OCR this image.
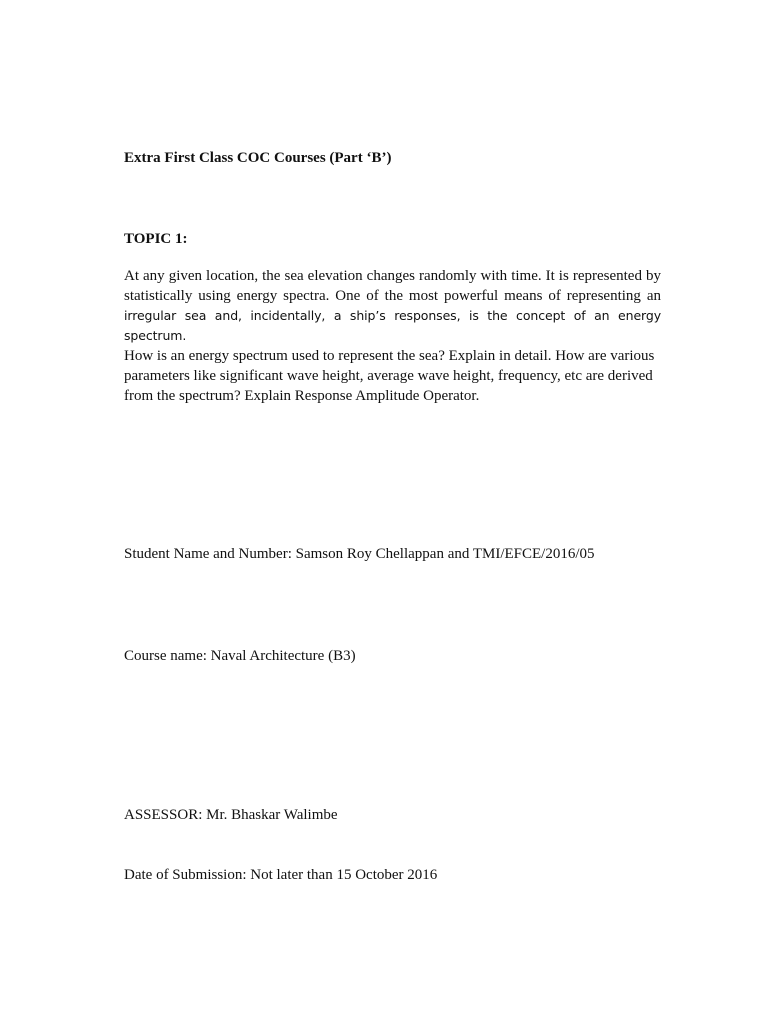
Extra First Class COC Courses (Part ‘B’)

TOPIC 1:

At any given location, the sea elevation changes randomly with time. It is represented by statistically using energy spectra. One of the most powerful means of representing an irregular sea and, incidentally, a ship’s responses, is the concept of an energy spectrum.

How is an energy spectrum used to represent the sea? Explain in detail. How are various parameters like significant wave height, average wave height, frequency, etc are derived from the spectrum? Explain Response Amplitude Operator.

Student Name and Number: Samson Roy Chellappan and TMI/EFCE/2016/05

Course name: Naval Architecture (B3)

ASSESSOR: Mr. Bhaskar Walimbe

Date of Submission: Not later than 15 October 2016
